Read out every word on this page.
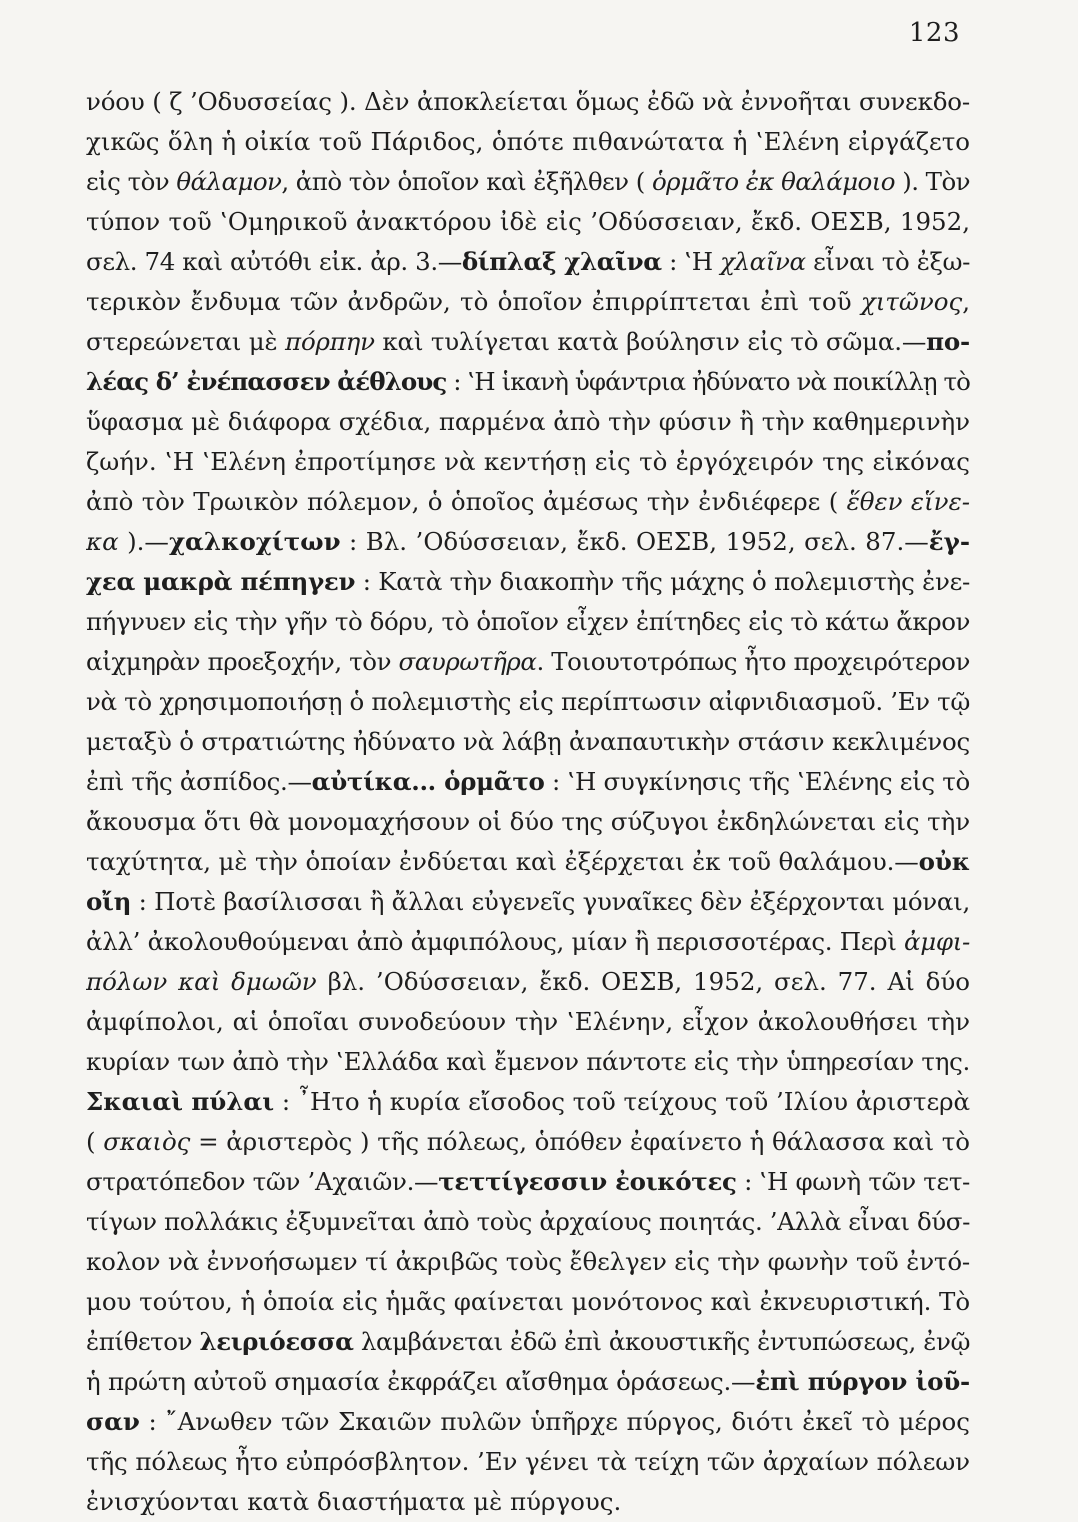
123
νόου ( ζ ’Οδυσσείας ). Δὲν ἀποκλείεται ὅμως ἐδῶ νὰ ἐννοῆται συνεκδο-
χικῶς ὅλη ἡ οἰκία τοῦ Πάριδος, ὁπότε πιθανώτατα ἡ ‛Ελένη εἰργάζετο
εἰς τὸν θάλαμον , ἀπὸ τὸν ὁποῖον καὶ ἐξῆλθεν ( ὁρμᾶτο ἐκ θαλάμοιο ). Τὸν
τύπον τοῦ ‛Ομηρικοῦ ἀνακτόρου ἰδὲ εἰς ’Οδύσσειαν, ἔκδ. ΟΕΣΒ, 1952,
σελ. 74 καὶ αὐτόθι εἰκ. ἀρ. 3.— δίπλαξ χλαῖνα : ‛Η χλαῖνα εἶναι τὸ ἐξω-
τερικὸν ἔνδυμα τῶν ἀνδρῶν, τὸ ὁποῖον ἐπιρρίπτεται ἐπὶ τοῦ χιτῶνος ,
στερεώνεται μὲ πόρπην καὶ τυλίγεται κατὰ βούλησιν εἰς τὸ σῶμα.— πο-
λέας δ’ ἐνέπασσεν ἀέθλους : ‛Η ἱκανὴ ὑφάντρια ἠδύνατο νὰ ποικίλλῃ τὸ
ὕφασμα μὲ διάφορα σχέδια, παρμένα ἀπὸ τὴν φύσιν ἢ τὴν καθημερινὴν
ζωήν. ‛Η ‛Ελένη ἐπροτίμησε νὰ κεντήσῃ εἰς τὸ ἐργόχειρόν της εἰκόνας
ἀπὸ τὸν Τρωικὸν πόλεμον, ὁ ὁποῖος ἀμέσως τὴν ἐνδιέφερε ( ἕθεν εἵνε-
κα ).— χαλκοχίτων : Βλ. ’Οδύσσειαν, ἔκδ. ΟΕΣΒ, 1952, σελ. 87.— ἔγ-
χεα μακρὰ πέπηγεν : Κατὰ τὴν διακοπὴν τῆς μάχης ὁ πολεμιστὴς ἐνε-
πήγνυεν εἰς τὴν γῆν τὸ δόρυ, τὸ ὁποῖον εἶχεν ἐπίτηδες εἰς τὸ κάτω ἄκρον
αἰχμηρὰν προεξοχήν, τὸν σαυρωτῆρα . Τοιουτοτρόπως ἦτο προχειρότερον
νὰ τὸ χρησιμοποιήσῃ ὁ πολεμιστὴς εἰς περίπτωσιν αἰφνιδιασμοῦ. ’Εν τῷ
μεταξὺ ὁ στρατιώτης ἠδύνατο νὰ λάβῃ ἀναπαυτικὴν στάσιν κεκλιμένος
ἐπὶ τῆς ἀσπίδος.— αὐτίκα... ὁρμᾶτο : ‛Η συγκίνησις τῆς ‛Ελένης εἰς τὸ
ἄκουσμα ὅτι θὰ μονομαχήσουν οἱ δύο της σύζυγοι ἐκδηλώνεται εἰς τὴν
ταχύτητα, μὲ τὴν ὁποίαν ἐνδύεται καὶ ἐξέρχεται ἐκ τοῦ θαλάμου.— οὐκ
οἴη : Ποτὲ βασίλισσαι ἢ ἄλλαι εὐγενεῖς γυναῖκες δὲν ἐξέρχονται μόναι,
ἀλλ’ ἀκολουθούμεναι ἀπὸ ἀμφιπόλους, μίαν ἢ περισσοτέρας. Περὶ ἀμφι-
πόλων καὶ δμωῶν βλ. ’Οδύσσειαν, ἔκδ. ΟΕΣΒ, 1952, σελ. 77. Αἱ δύο
ἀμφίπολοι, αἱ ὁποῖαι συνοδεύουν τὴν ‛Ελένην, εἶχον ἀκολουθήσει τὴν
κυρίαν των ἀπὸ τὴν ‛Ελλάδα καὶ ἔμενον πάντοτε εἰς τὴν ὑπηρεσίαν της.
Σκαιαὶ πύλαι : ῏Ητο ἡ κυρία εἴσοδος τοῦ τείχους τοῦ ’Ιλίου ἀριστερὰ
( σκαιὸς = ἀριστερὸς ) τῆς πόλεως, ὁπόθεν ἐφαίνετο ἡ θάλασσα καὶ τὸ
στρατόπεδον τῶν ’Αχαιῶν.— τεττίγεσσιν ἐοικότες : ‛Η φωνὴ τῶν τετ-
τίγων πολλάκις ἐξυμνεῖται ἀπὸ τοὺς ἀρχαίους ποιητάς. ’Αλλὰ εἶναι δύσ-
κολον νὰ ἐννοήσωμεν τί ἀκριβῶς τοὺς ἔθελγεν εἰς τὴν φωνὴν τοῦ ἐντό-
μου τούτου, ἡ ὁποία εἰς ἡμᾶς φαίνεται μονότονος καὶ ἐκνευριστική. Τὸ
ἐπίθετον λειριόεσσα λαμβάνεται ἐδῶ ἐπὶ ἀκουστικῆς ἐντυπώσεως, ἐνῷ
ἡ πρώτη αὐτοῦ σημασία ἐκφράζει αἴσθημα ὁράσεως.— ἐπὶ πύργον ἰοῦ-
σαν : ῎Ανωθεν τῶν Σκαιῶν πυλῶν ὑπῆρχε πύργος, διότι ἐκεῖ τὸ μέρος
τῆς πόλεως ἦτο εὐπρόσβλητον. ’Εν γένει τὰ τείχη τῶν ἀρχαίων πόλεων
ἐνισχύονται κατὰ διαστήματα μὲ πύργους.
